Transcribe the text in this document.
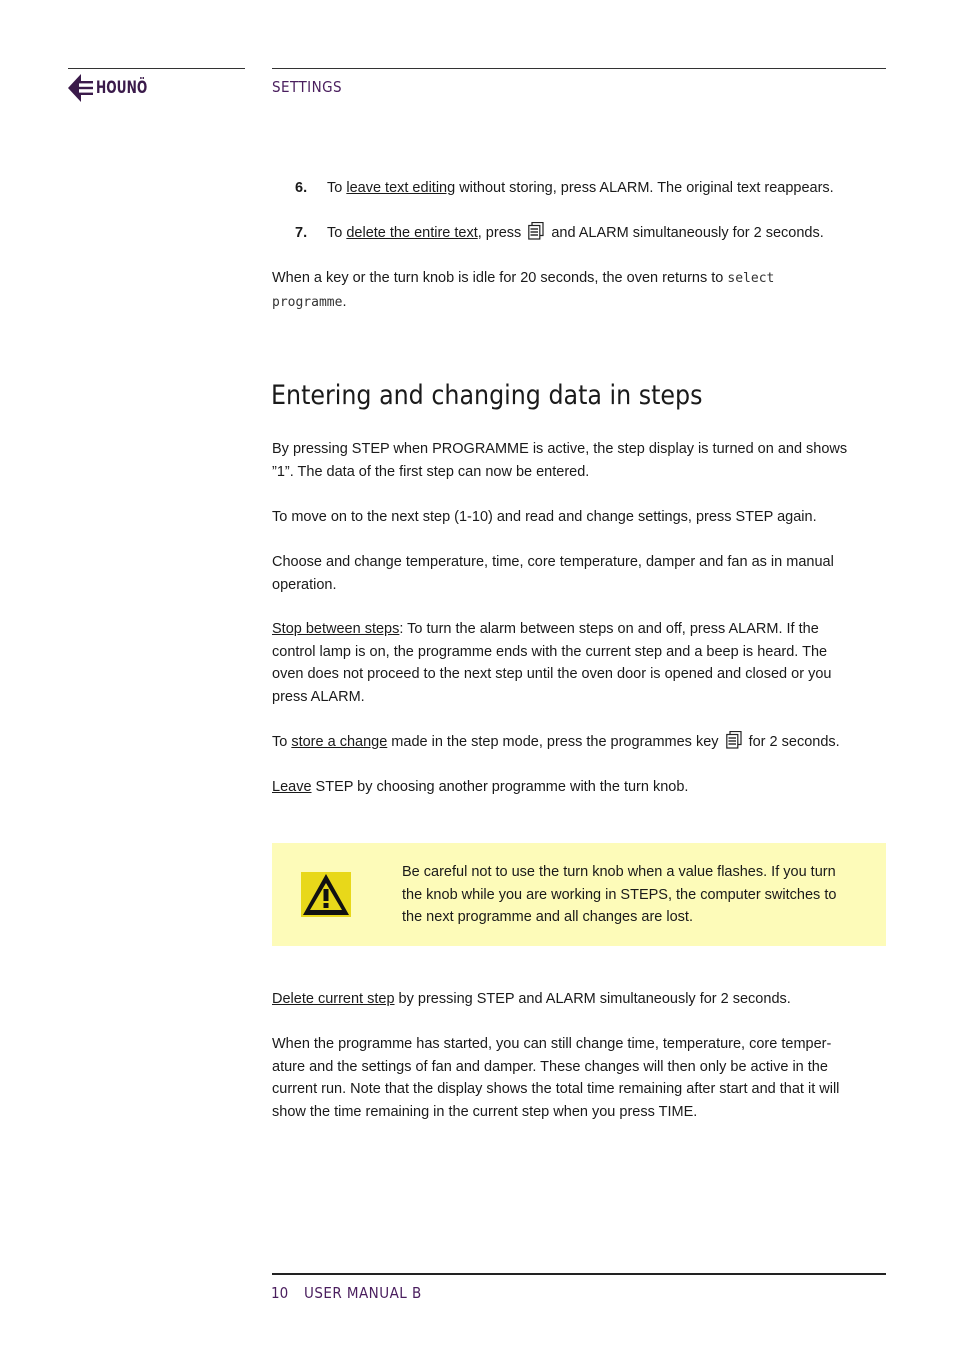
HOUNÖ	SETTINGS
6.	To leave text editing without storing, press ALARM. The original text reappears.
7.	To delete the entire text, press  and ALARM simultaneously for 2 seconds.
When a key or the turn knob is idle for 20 seconds, the oven returns to select
programme.
Entering and changing data in steps
By pressing STEP when PROGRAMME is active, the step display is turned on and shows ”1”. The data of the first step can now be entered.
To move on to the next step (1-10) and read and change settings, press STEP again.
Choose and change temperature, time, core temperature, damper and fan as in manual operation.
Stop between steps: To turn the alarm between steps on and off, press ALARM. If the control lamp is on, the programme ends with the current step and a beep is heard. The oven does not proceed to the next step until the oven door is opened and closed or you press ALARM.
To store a change made in the step mode, press the programmes key  for 2 seconds.
Leave STEP by choosing another programme with the turn knob.
Be careful not to use the turn knob when a value flashes. If you turn the knob while you are working in STEPS, the computer switches to the next programme and all changes are lost.
Delete current step by pressing STEP and ALARM simultaneously for 2 seconds.
When the programme has started, you can still change time, temperature, core temper-ature and the settings of fan and damper. These changes will then only be active in the current run. Note that the display shows the total time remaining after start and that it will show the time remaining in the current step when you press TIME.
10 USER MANUAL B
